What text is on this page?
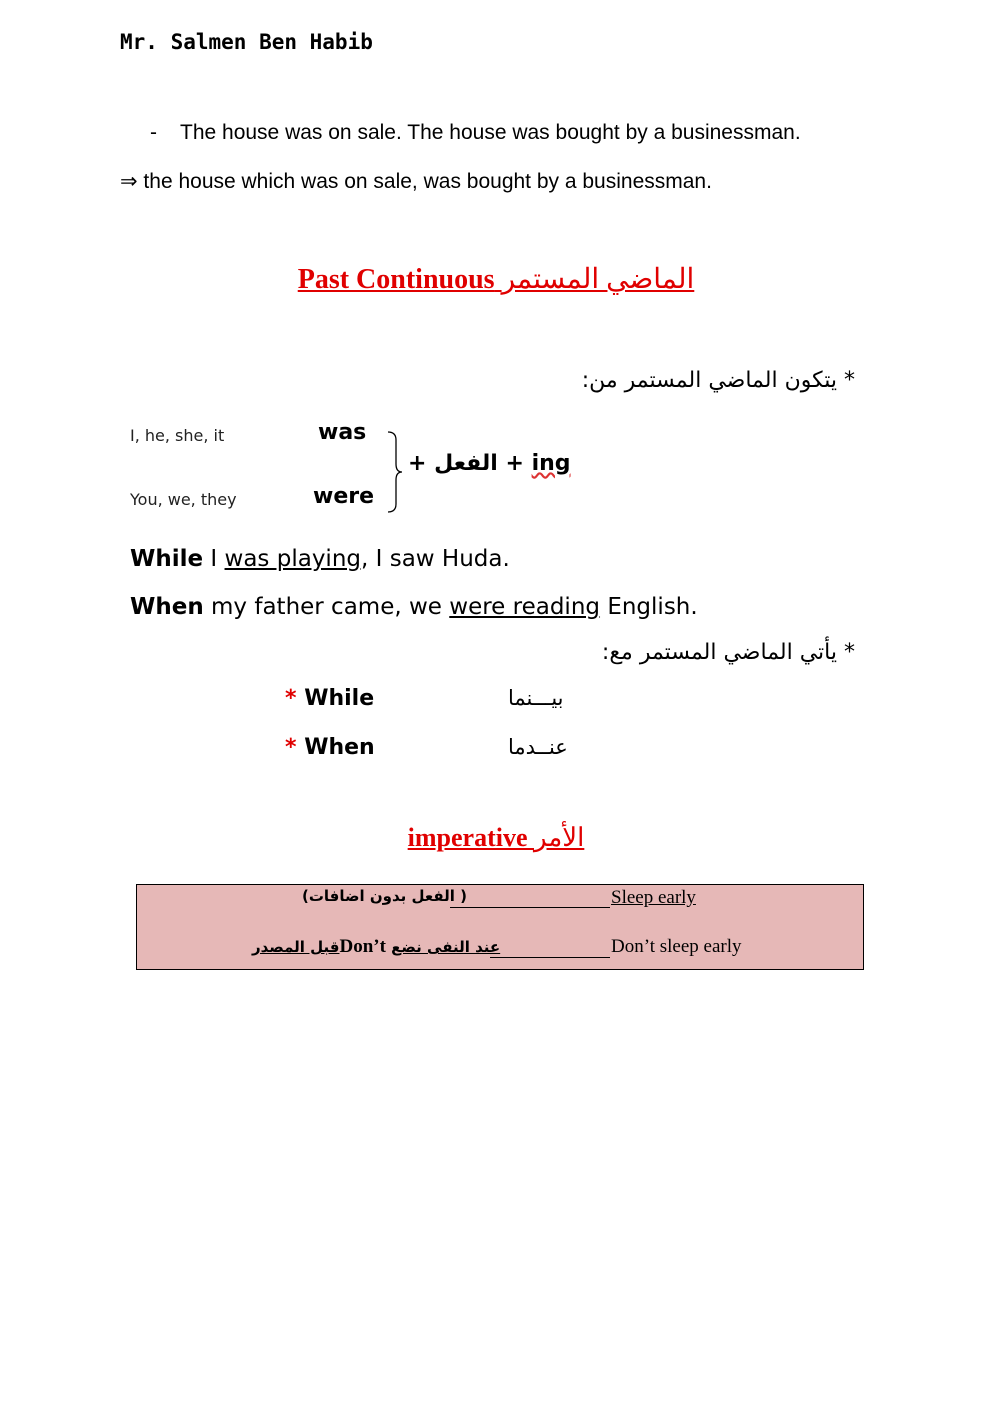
Mr. Salmen Ben Habib
- The house was on sale. The house was bought by a businessman.
⇒ the house which was on sale, was bought by a businessman.
Past Continuous الماضي المستمر
* يتكون الماضي المستمر من:
I, he, she, it	was
You, we, they	were
+ الفعل + ing
While I was playing, I saw Huda.
When my father came, we were reading English.
* يأتي الماضي المستمر مع:
* While	بيـــنما
* When	عنــدما
imperative الأمر
( الفعل بدون اضافات)	Sleep early
قبل المصدرDon’t عند النفى نضع	Don’t sleep early
